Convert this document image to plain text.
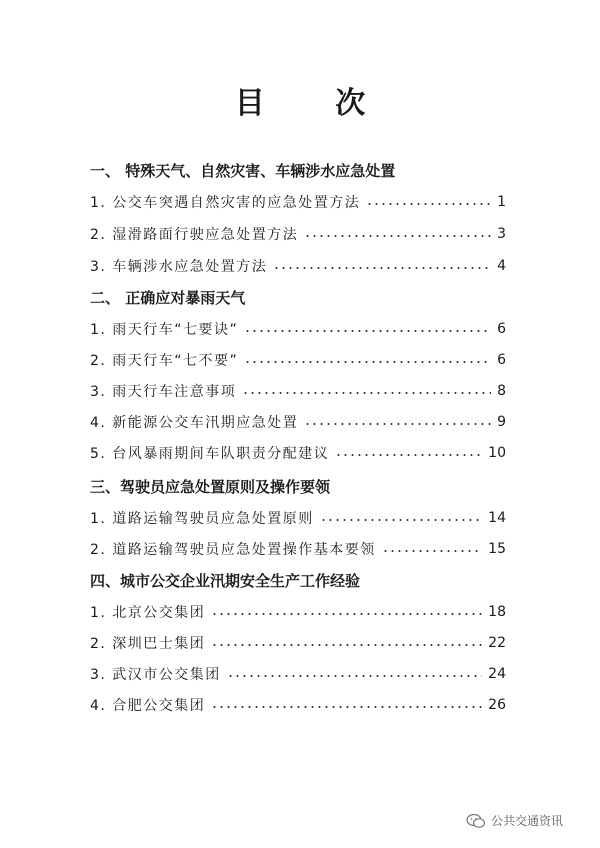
目 次
一、 特殊天气、自然灾害、车辆涉水应急处置
1. 公交车突遇自然灾害的应急处置方法	1
2. 湿滑路面行驶应急处置方法	3
3. 车辆涉水应急处置方法	4
二、 正确应对暴雨天气
1. 雨天行车“七要诀”	6
2. 雨天行车“七不要”	6
3. 雨天行车注意事项	8
4. 新能源公交车汛期应急处置	9
5. 台风暴雨期间车队职责分配建议	10
三、驾驶员应急处置原则及操作要领
1. 道路运输驾驶员应急处置原则	14
2. 道路运输驾驶员应急处置操作基本要领	15
四、城市公交企业汛期安全生产工作经验
1. 北京公交集团	18
2. 深圳巴士集团	22
3. 武汉市公交集团	24
4. 合肥公交集团	26
公共交通资讯
